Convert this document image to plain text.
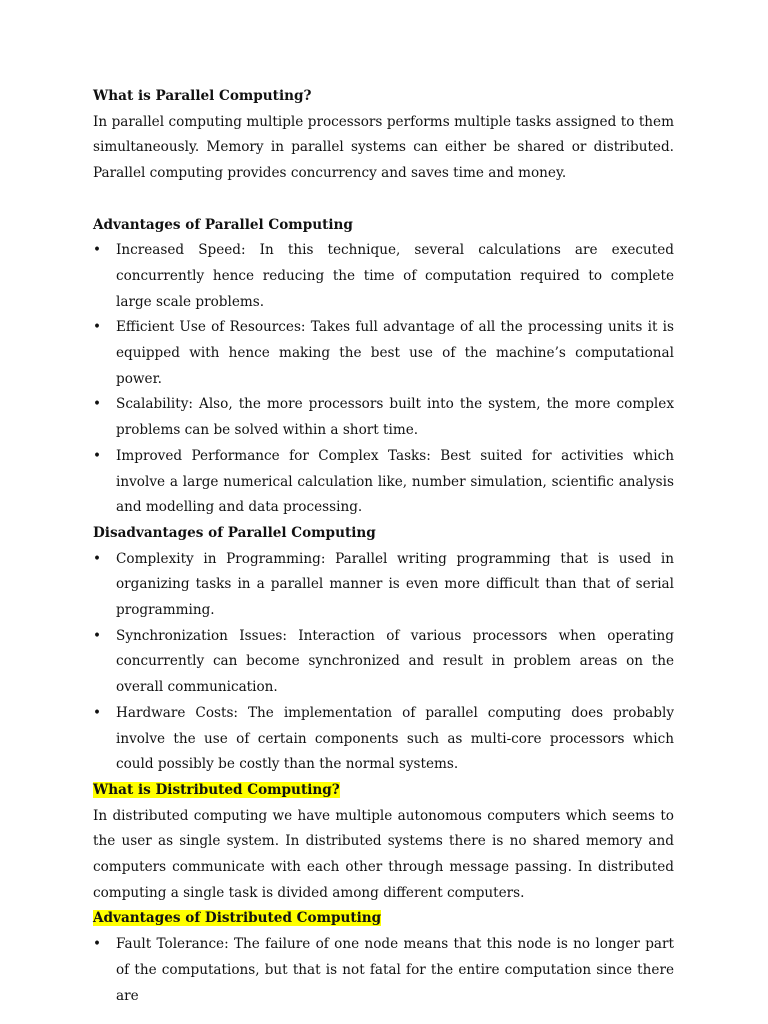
What is Parallel Computing?

In parallel computing multiple processors performs multiple tasks assigned to them simultaneously. Memory in parallel systems can either be shared or distributed. Parallel computing provides concurrency and saves time and money.

Advantages of Parallel Computing
• Increased Speed: In this technique, several calculations are executed concurrently hence reducing the time of computation required to complete large scale problems.
• Efficient Use of Resources: Takes full advantage of all the processing units it is equipped with hence making the best use of the machine’s computational power.
• Scalability: Also, the more processors built into the system, the more complex problems can be solved within a short time.
• Improved Performance for Complex Tasks: Best suited for activities which involve a large numerical calculation like, number simulation, scientific analysis and modelling and data processing.
Disadvantages of Parallel Computing
• Complexity in Programming: Parallel writing programming that is used in organizing tasks in a parallel manner is even more difficult than that of serial programming.
• Synchronization Issues: Interaction of various processors when operating concurrently can become synchronized and result in problem areas on the overall communication.
• Hardware Costs: The implementation of parallel computing does probably involve the use of certain components such as multi-core processors which could possibly be costly than the normal systems.
What is Distributed Computing?

In distributed computing we have multiple autonomous computers which seems to the user as single system. In distributed systems there is no shared memory and computers communicate with each other through message passing. In distributed computing a single task is divided among different computers.

Advantages of Distributed Computing
• Fault Tolerance: The failure of one node means that this node is no longer part of the computations, but that is not fatal for the entire computation since there are
